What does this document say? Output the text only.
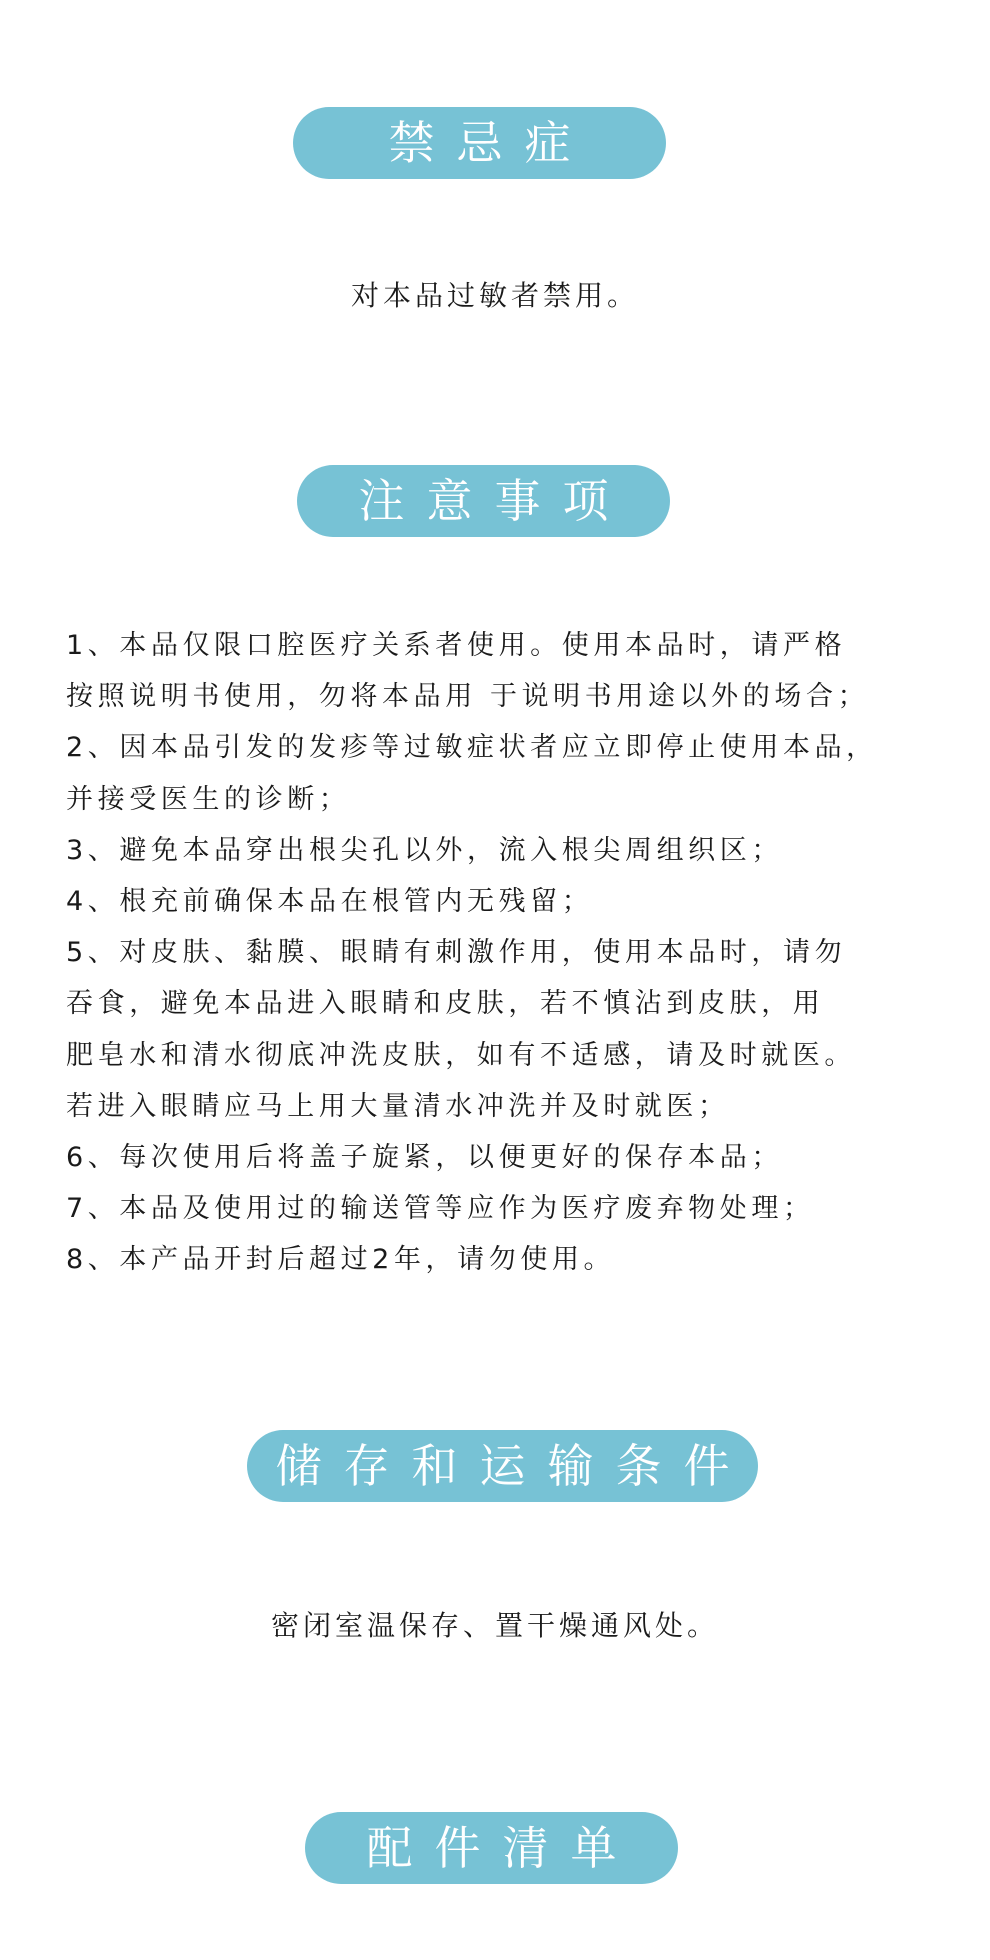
禁忌症
对本品过敏者禁用。
注意事项
1、本品仅限口腔医疗关系者使用。使用本品时，请严格
按照说明书使用，勿将本品用 于说明书用途以外的场合；
2、因本品引发的发疹等过敏症状者应立即停止使用本品，
并接受医生的诊断；
3、避免本品穿出根尖孔以外，流入根尖周组织区；
4、根充前确保本品在根管内无残留；
5、对皮肤、黏膜、眼睛有刺激作用，使用本品时，请勿
吞食，避免本品进入眼睛和皮肤，若不慎沾到皮肤，用
肥皂水和清水彻底冲洗皮肤，如有不适感，请及时就医。
若进入眼睛应马上用大量清水冲洗并及时就医；
6、每次使用后将盖子旋紧，以便更好的保存本品；
7、本品及使用过的输送管等应作为医疗废弃物处理；
8、本产品开封后超过2年，请勿使用。
储存和运输条件
密闭室温保存、置干燥通风处。
配件清单
